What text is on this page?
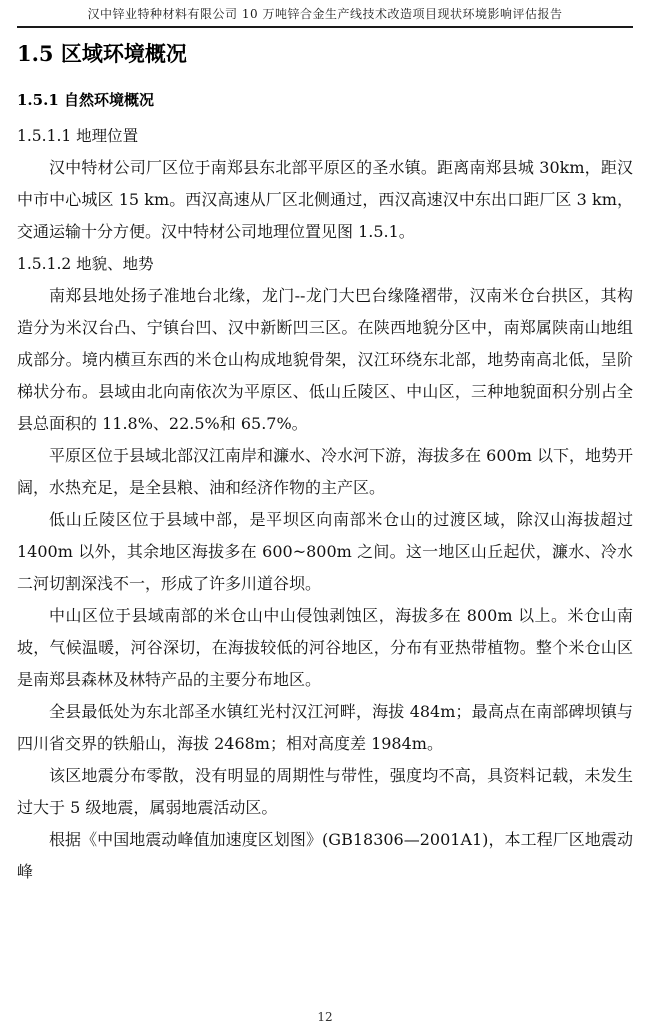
汉中锌业特种材料有限公司 10 万吨锌合金生产线技术改造项目现状环境影响评估报告
1.5 区域环境概况
1.5.1 自然环境概况
1.5.1.1 地理位置

汉中特材公司厂区位于南郑县东北部平原区的圣水镇。距离南郑县城 30km，距汉中市中心城区 15 km。西汉高速从厂区北侧通过，西汉高速汉中东出口距厂区 3 km，交通运输十分方便。汉中特材公司地理位置见图 1.5.1。

1.5.1.2 地貌、地势

南郑县地处扬子准地台北缘，龙门--龙门大巴台缘隆褶带，汉南米仓台拱区，其构造分为米汉台凸、宁镇台凹、汉中新断凹三区。在陕西地貌分区中，南郑属陕南山地组成部分。境内横亘东西的米仓山构成地貌骨架，汉江环绕东北部，地势南高北低，呈阶梯状分布。县域由北向南依次为平原区、低山丘陵区、中山区，三种地貌面积分别占全县总面积的 11.8%、22.5%和 65.7%。

平原区位于县域北部汉江南岸和濂水、冷水河下游，海拔多在 600m 以下，地势开阔，水热充足，是全县粮、油和经济作物的主产区。

低山丘陵区位于县域中部，是平坝区向南部米仓山的过渡区域，除汉山海拔超过 1400m 以外，其余地区海拔多在 600~800m 之间。这一地区山丘起伏，濂水、冷水二河切割深浅不一，形成了许多川道谷坝。

中山区位于县域南部的米仓山中山侵蚀剥蚀区，海拔多在 800m 以上。米仓山南坡，气候温暖，河谷深切，在海拔较低的河谷地区，分布有亚热带植物。整个米仓山区是南郑县森林及林特产品的主要分布地区。

全县最低处为东北部圣水镇红光村汉江河畔，海拔 484m；最高点在南部碑坝镇与四川省交界的铁船山，海拔 2468m；相对高度差 1984m。

该区地震分布零散，没有明显的周期性与带性，强度均不高，具资料记载，未发生过大于 5 级地震，属弱地震活动区。

根据《中国地震动峰值加速度区划图》(GB18306—2001A1)，本工程厂区地震动峰

12
